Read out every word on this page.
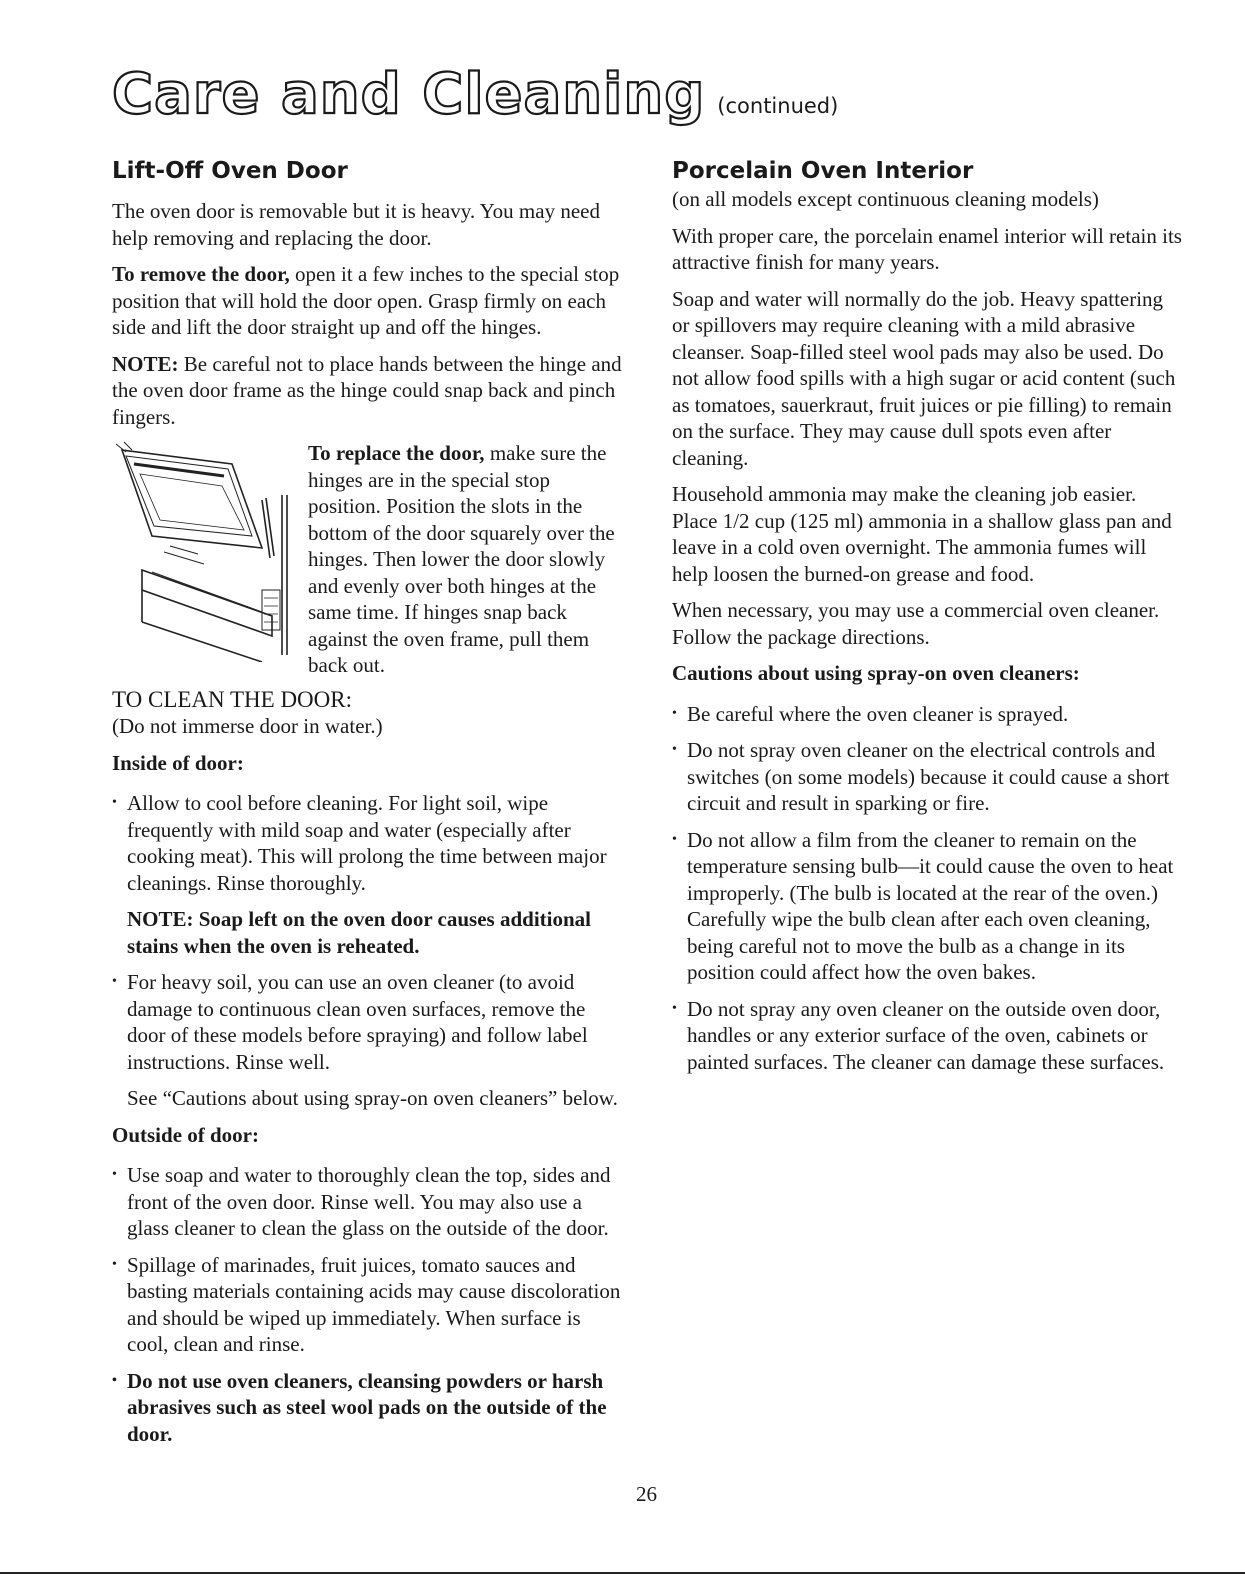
Care and Cleaning (continued)
Lift-Off Oven Door

The oven door is removable but it is heavy. You may need help removing and replacing the door.

To remove the door, open it a few inches to the special stop position that will hold the door open. Grasp firmly on each side and lift the door straight up and off the hinges.

NOTE: Be careful not to place hands between the hinge and the oven door frame as the hinge could snap back and pinch fingers.

To replace the door, make sure the hinges are in the special stop position. Position the slots in the bottom of the door squarely over the hinges. Then lower the door slowly and evenly over both hinges at the same time. If hinges snap back against the oven frame, pull them back out.
TO CLEAN THE DOOR:

(Do not immerse door in water.)

Inside of door:
• Allow to cool before cleaning. For light soil, wipe frequently with mild soap and water (especially after cooking meat). This will prolong the time between major cleanings. Rinse thoroughly.

NOTE: Soap left on the oven door causes additional stains when the oven is reheated.

• For heavy soil, you can use an oven cleaner (to avoid damage to continuous clean oven surfaces, remove the door of these models before spraying) and follow label instructions. Rinse well.

See “Cautions about using spray-on oven cleaners” below.

Outside of door:
• Use soap and water to thoroughly clean the top, sides and front of the oven door. Rinse well. You may also use a glass cleaner to clean the glass on the outside of the door.
• Spillage of marinades, fruit juices, tomato sauces and basting materials containing acids may cause discoloration and should be wiped up immediately. When surface is cool, clean and rinse.
• Do not use oven cleaners, cleansing powders or harsh abrasives such as steel wool pads on the outside of the door.
Porcelain Oven Interior

(on all models except continuous cleaning models)

With proper care, the porcelain enamel interior will retain its attractive finish for many years.

Soap and water will normally do the job. Heavy spattering or spillovers may require cleaning with a mild abrasive cleanser. Soap-filled steel wool pads may also be used. Do not allow food spills with a high sugar or acid content (such as tomatoes, sauerkraut, fruit juices or pie filling) to remain on the surface. They may cause dull spots even after cleaning.

Household ammonia may make the cleaning job easier. Place 1/2 cup (125 ml) ammonia in a shallow glass pan and leave in a cold oven overnight. The ammonia fumes will help loosen the burned-on grease and food.

When necessary, you may use a commercial oven cleaner. Follow the package directions.

Cautions about using spray-on oven cleaners:
• Be careful where the oven cleaner is sprayed.
• Do not spray oven cleaner on the electrical controls and switches (on some models) because it could cause a short circuit and result in sparking or fire.
• Do not allow a film from the cleaner to remain on the temperature sensing bulb—it could cause the oven to heat improperly. (The bulb is located at the rear of the oven.) Carefully wipe the bulb clean after each oven cleaning, being careful not to move the bulb as a change in its position could affect how the oven bakes.
• Do not spray any oven cleaner on the outside oven door, handles or any exterior surface of the oven, cabinets or painted surfaces. The cleaner can damage these surfaces.
26
